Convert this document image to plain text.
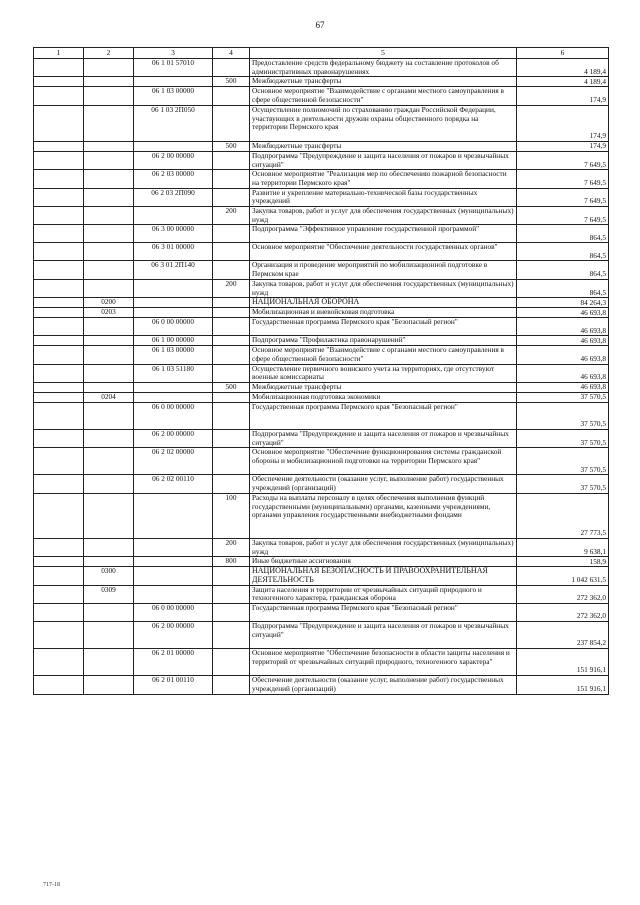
67
1	2	3	4	5	6
		06 1 01 57010		Предоставление средств федеральному бюджету на составление протоколов об административных правонарушениях	4 189,4
			500	Межбюджетные трансферты	4 189,4
		06 1 03 00000		Основное мероприятие "Взаимодействие с органами местного самоуправления в сфере общественной безопасности"	174,9
		06 1 03 2П050		Осуществление полномочий по страхованию граждан Российской Федерации, участвующих в деятельности дружин охраны общественного порядка на территории Пермского края	174,9
			500	Межбюджетные трансферты	174,9
		06 2 00 00000		Подпрограмма "Предупреждение и защита населения от пожаров и чрезвычайных ситуаций"	7 649,5
		06 2 03 00000		Основное мероприятие "Реализация мер по обеспечению пожарной безопасности на территории Пермского края"	7 649,5
		06 2 03 2П090		Развитие и укрепление материально-технической базы государственных учреждений	7 649,5
			200	Закупка товаров, работ и услуг для обеспечения государственных (муниципальных) нужд	7 649,5
		06 3 00 00000		Подпрограмма "Эффективное управление государственной программой"	864,5
		06 3 01 00000		Основное мероприятие "Обеспечение деятельности государственных органов"	864,5
		06 3 01 2П140		Организация и проведение мероприятий по мобилизационной подготовке в Пермском крае	864,5
			200	Закупка товаров, работ и услуг для обеспечения государственных (муниципальных) нужд	864,5
	0200			НАЦИОНАЛЬНАЯ ОБОРОНА	84 264,3
	0203			Мобилизационная и вневойсковая подготовка	46 693,8
		06 0 00 00000		Государственная программа Пермского края "Безопасный регион"	46 693,8
		06 1 00 00000		Подпрограмма "Профилактика правонарушений"	46 693,8
		06 1 03 00000		Основное мероприятие "Взаимодействие с органами местного самоуправления в сфере общественной безопасности"	46 693,8
		06 1 03 51180		Осуществление первичного воинского учета на территориях, где отсутствуют военные комиссариаты	46 693,8
			500	Межбюджетные трансферты	46 693,8
	0204			Мобилизационная подготовка экономики	37 570,5
		06 0 00 00000		Государственная программа Пермского края "Безопасный регион"	37 570,5
		06 2 00 00000		Подпрограмма "Предупреждение и защита населения от пожаров и чрезвычайных ситуаций"	37 570,5
		06 2 02 00000		Основное мероприятие "Обеспечение функционирования системы гражданской обороны и мобилизационной подготовки на территории Пермского края"	37 570,5
		06 2 02 00110		Обеспечение деятельности (оказание услуг, выполнение работ) государственных учреждений (организаций)	37 570,5
			100	Расходы на выплаты персоналу в целях обеспечения выполнения функций государственными (муниципальными) органами, казенными учреждениями, органами управления государственными внебюджетными фондами	27 773,5
			200	Закупка товаров, работ и услуг для обеспечения государственных (муниципальных) нужд	9 638,1
			800	Иные бюджетные ассигнования	158,9
	0300			НАЦИОНАЛЬНАЯ БЕЗОПАСНОСТЬ И ПРАВООХРАНИТЕЛЬНАЯ ДЕЯТЕЛЬНОСТЬ	1 042 631,5
	0309			Защита населения и территории от чрезвычайных ситуаций природного и техногенного характера, гражданская оборона	272 362,0
		06 0 00 00000		Государственная программа Пермского края "Безопасный регион"	272 362,0
		06 2 00 00000		Подпрограмма "Предупреждение и защита населения от пожаров и чрезвычайных ситуаций"	237 854,2
		06 2 01 00000		Основное мероприятие "Обеспечение безопасности в области защиты населения и территорий от чрезвычайных ситуаций природного, техногенного характера"	151 916,1
		06 2 01 00110		Обеспечение деятельности (оказание услуг, выполнение работ) государственных учреждений (организаций)	151 916,1
717-18
